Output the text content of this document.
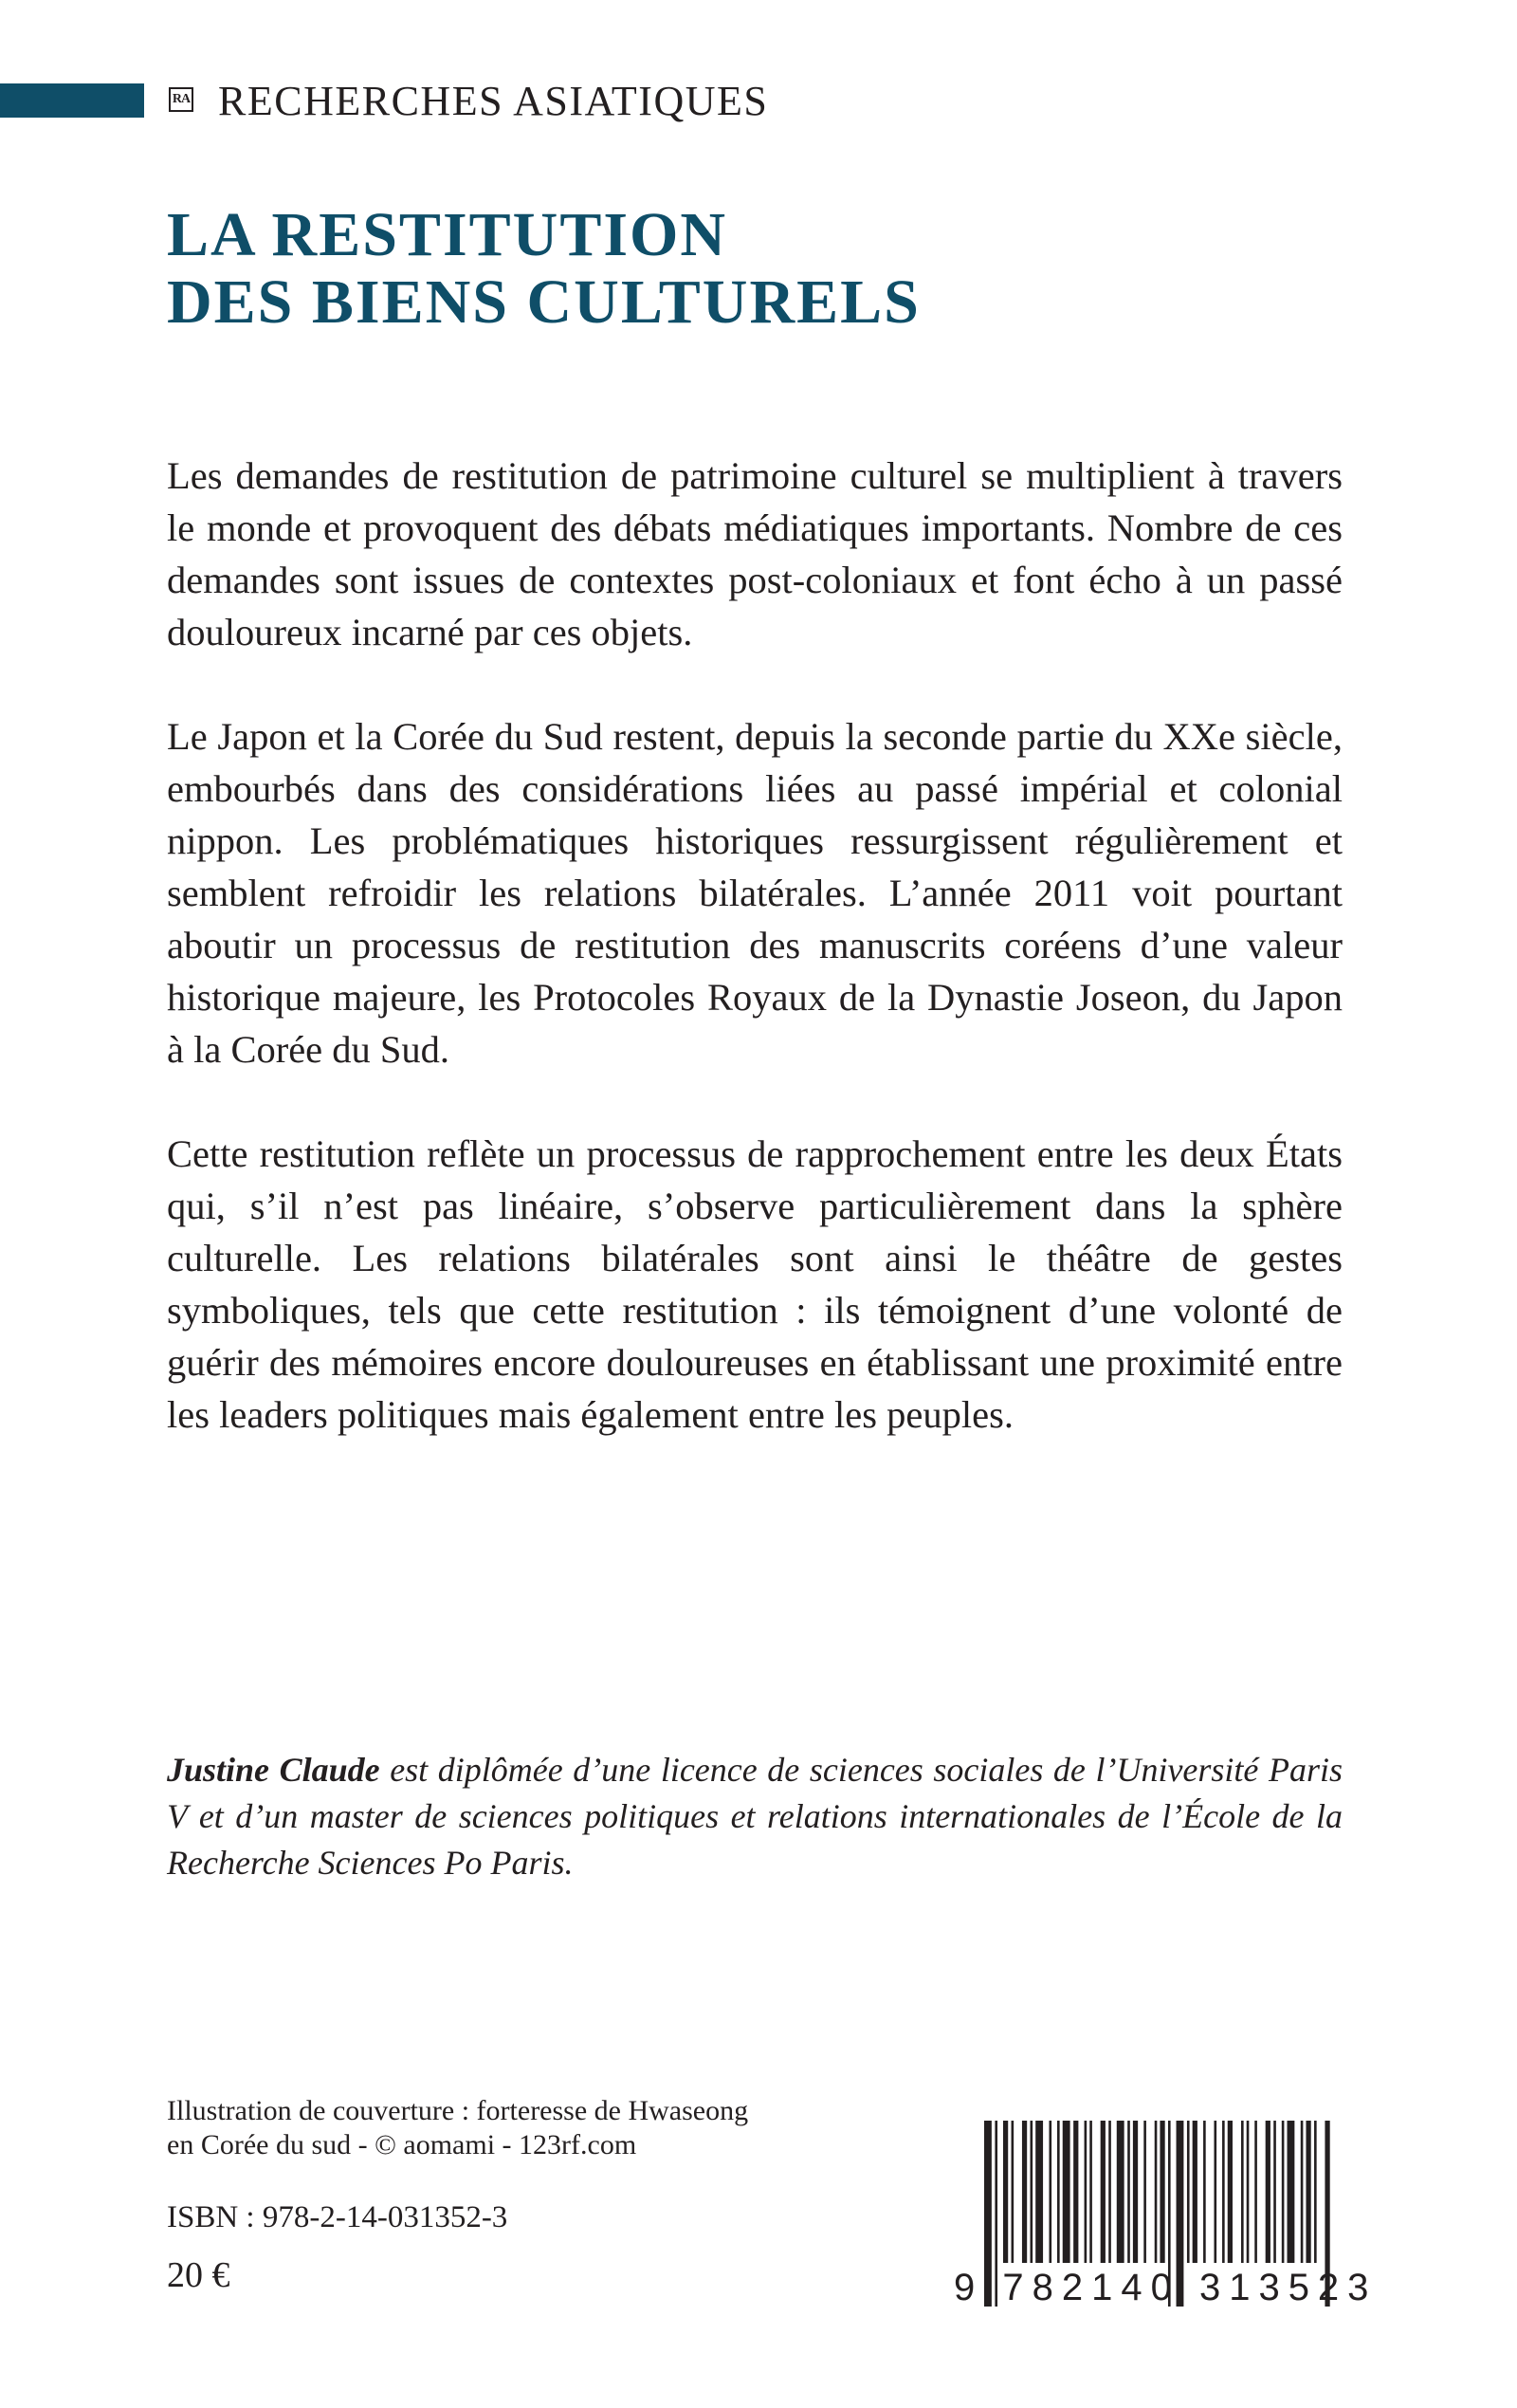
RA RECHERCHES ASIATIQUES
LA RESTITUTION
DES BIENS CULTURELS

Les demandes de restitution de patrimoine culturel se multiplient à travers le monde et provoquent des débats médiatiques importants. Nombre de ces demandes sont issues de contextes post-coloniaux et font écho à un passé douloureux incarné par ces objets.

Le Japon et la Corée du Sud restent, depuis la seconde partie du XXe siècle, embourbés dans des considérations liées au passé impérial et colonial nippon. Les problématiques historiques ressurgissent régulièrement et semblent refroidir les relations bilatérales. L’année 2011 voit pourtant aboutir un processus de restitution des manuscrits coréens d’une valeur historique majeure, les Protocoles Royaux de la Dynastie Joseon, du Japon à la Corée du Sud.

Cette restitution reflète un processus de rapprochement entre les deux États qui, s’il n’est pas linéaire, s’observe particulièrement dans la sphère culturelle. Les relations bilatérales sont ainsi le théâtre de gestes symboliques, tels que cette restitution : ils témoignent d’une volonté de guérir des mémoires encore douloureuses en établissant une proximité entre les leaders politiques mais également entre les peuples.

Justine Claude est diplômée d’une licence de sciences sociales de l’Université Paris V et d’un master de sciences politiques et relations internationales de l’École de la Recherche Sciences Po Paris.

Illustration de couverture : forteresse de Hwaseong
en Corée du sud - © aomami - 123rf.com

ISBN : 978-2-14-031352-3

20 €	9 782140 313523
